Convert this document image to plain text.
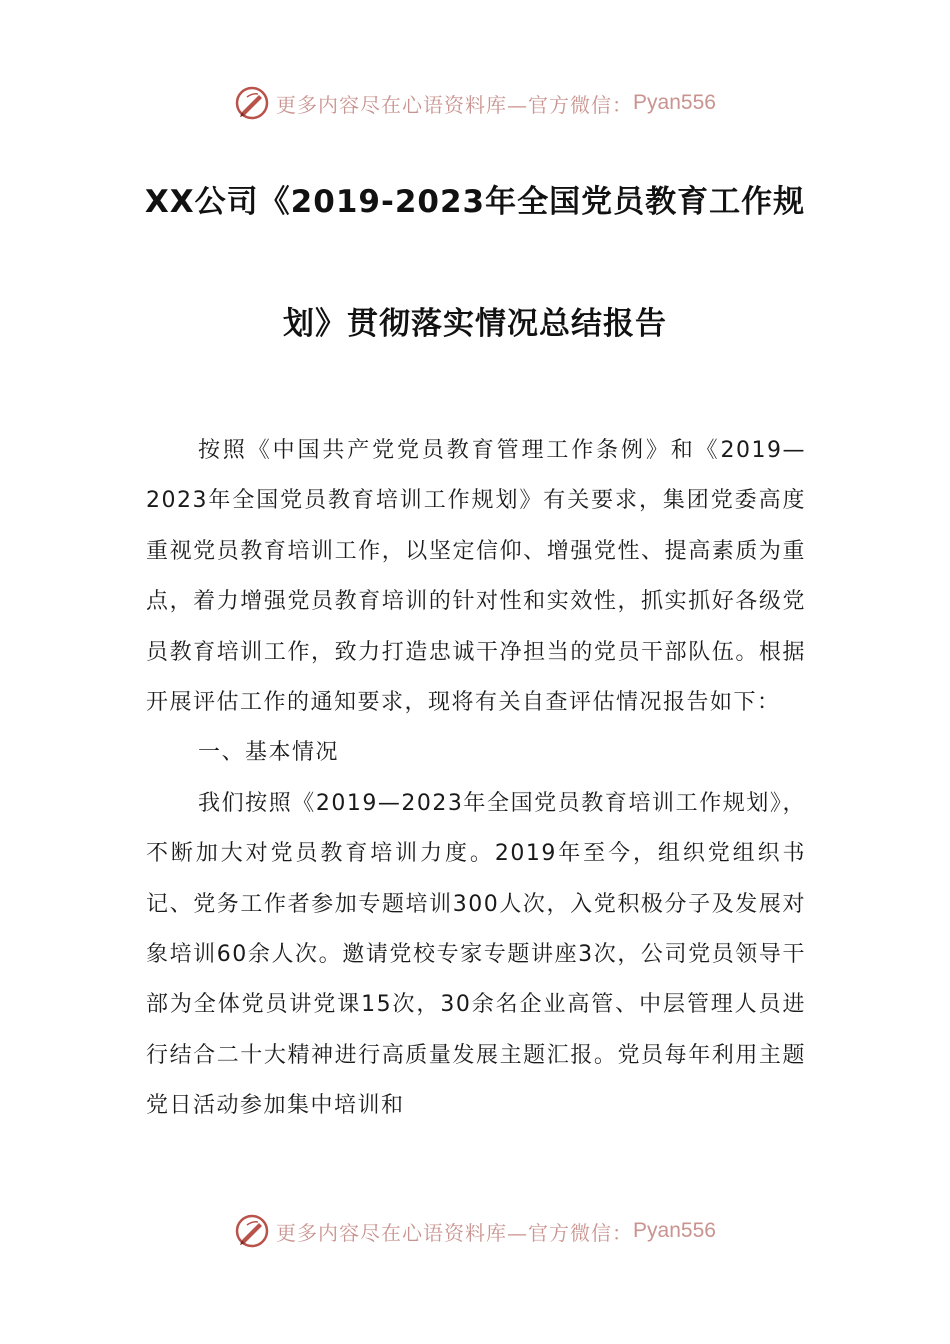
更多内容尽在心语资料库—官方微信： Pyan556
XX公司《2019-2023年全国党员教育工作规
划》贯彻落实情况总结报告

按照《中国共产党党员教育管理工作条例》和《2019—2023年全国党员教育培训工作规划》有关要求，集团党委高度重视党员教育培训工作，以坚定信仰、增强党性、提高素质为重点，着力增强党员教育培训的针对性和实效性，抓实抓好各级党员教育培训工作，致力打造忠诚干净担当的党员干部队伍。根据开展评估工作的通知要求，现将有关自查评估情况报告如下：

一、基本情况

我们按照《2019—2023年全国党员教育培训工作规划》，不断加大对党员教育培训力度。2019年至今，组织党组织书记、党务工作者参加专题培训300人次，入党积极分子及发展对象培训60余人次。邀请党校专家专题讲座3次，公司党员领导干部为全体党员讲党课15次，30余名企业高管、中层管理人员进行结合二十大精神进行高质量发展主题汇报。党员每年利用主题党日活动参加集中培训和

更多内容尽在心语资料库—官方微信： Pyan556
